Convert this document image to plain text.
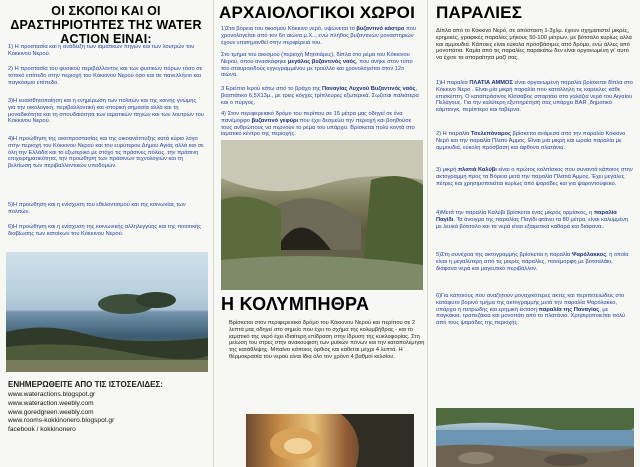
ΟΙ ΣΚΟΠΟΙ ΚΑΙ ΟΙ ΔΡΑΣΤΗΡΙΟΤΗΤΕΣ ΤΗΣ WATER ACTION ΕΙΝΑΙ:

1) Η προστασία και η ανάδειξη των ιαματικών πηγών και των λουτρών του Κόκκινου Νερού.

2) Η προστασία του φυσικού περιβάλλοντος και των φυσικών πόρων τόσο σε τοπικό επίπεδο στην περιοχή του Κόκκινου Νερού όσο και σε πανελλήνιο και παγκόσμιο επίπεδο.

3)Η ευαισθητοποίηση και η ενημέρωση των πολιτών και της κοινής γνώμης για την οικολογική, περιβαλλοντική και ιστορική σημασία αλλά και τη μοναδικότητα και τη σπουδαιότητα των ιαματικών πηγών και των λουτρών του Κόκκινου Νερού.

4)Η προώθηση της οικοπροστασίας και της οικοανάπτυξης κατά κύριο λόγο στην περιοχή του Κόκκινου Νερού και του ευρύτερου Δήμου Αγιάς αλλά και σε όλη την Ελλάδα και το εξωτερικό με στόχο τις πράσινες πόλεις, την πράσινη επιχειρηματικότητα, την προώθηση των πράσινων τεχνολογιών και τη βελτίωση των περιβαλλοντικών υποδομών.

5)Η προώθηση και η ενίσχυση του εθελοντισμού και της κοινωνίας των πολιτών.

6)Η προώθηση και η ενίσχυση της κοινωνικής αλληλεγγύης και της ποιοτικής διαβίωσης των κατοίκων του Κόκκινου Νερού.

ΕΝΗΜΕΡΩΘΕΙΤΕ ΑΠΟ ΤΙΣ ΙΣΤΟΣΕΛΙΔΕΣ:
www.wateractions.blogspot.gr
www.wateraction.weebly.com
www.goredgreen.weebly.com
www.rooms-kokkinonero.blogspot.gr
facebook / kokkinonero
ΑΡΧΑΙΟΛΟΓΙΚΟΙ ΧΩΡΟΙ

1)Στα βόρεια του οικισμού Κόκκινο νερό, υψώνεται το βυζαντινό κάστρο που χρονολογείται από τον 6ο αιώνα μ.Χ.., ενώ πλήθος βυζαντινών μοναστηριών έχουν επισημανθεί στην περιφέρειά του.

Στο τμήμα του οικισμού (περιοχή Μητσιάρες), δίπλα στο ρέμα του Κόκκινου Νερού, όπου ανασκάφηκε μεγάλος βυζαντινός ναός, που ανήκε στον τύπο του σταυροειδούς εγγεγραμμένου με τρούλλο και χρονολογείται στον 12ο αιώνα.

3 Ερείπια Ιερού κάτω από το βράχο της Παναγίας Λυχνού Βυζαντινός ναός, βιαστάτικο 6,5Χ13μ., με τρεις κόγχες τρίπλευρες εξωτερικά. Σωζεται παλιάτερα και ο πύργος.

4) Στον περιφερειακό δρόμο του περίπου σε 15 μέτρα μας οδηγεί σε ένα πανέμορφο βυζαντινό γεφύρι που έχει δεσμεύει την περιοχή και βοηθούσε τους ανθρώπους να περνούν το ρέμα του υπάρχει. Βρίσκεται πολύ κοντά στο ιαματικό κέντρο της περιοχής.

Η ΚΟΛΥΜΠΗΘΡΑ

Βρίσκεται στον περιφερειακό δρόμο του Κόκκινου Νερού και περίπου σε 2 λεπτά μας οδηγεί στο σημείο που έχει το σχήμα της κολυμβήθρας - και το ιαματικό της νερό έχει ιδιαίτερη επίδραση στην ίδρυση της κυκλοφορίας. Στη μείωση του στρες στην ανακούφιση των μυϊκών πόνων και την καταπολέμηση της κατάθλιψης. Μπαίνει κάποιος όρθιος και καθεται μέχρι 4 λεπτά. Η θερμοκρασία του νερού είναι ίδια όλο τον χρόνο 4 βαθμοί κελσίου.

ΠΑΡΑΛΙΕΣ

Δίπλα από το Κόκκινο Νερό, σε απόσταση 1-3χλμ. έχουν σχηματιστεί μικρές, ερημικές, γραφικές παραλίες μήκους 50-100 μέτρων, με βότσαλο κυρίως αλλά και αμμουδιά. Κάποιες είναι εύκολα προσβάσιμες από δρόμο, ενώ άλλες από μονοπάτια. Καμία από τις παραλίες παρακάτω δεν είναι οργανωμένη γι' αυτό να έχετε τα απαραίτητα μαζί σας.

1)Η παραλία ΠΛΑΤΙΑ ΑΜΜΟΣ είναι οργανωμένη παραλία βρίσκεται δίπλα στο Κόκκινο Νερό . Είναι μία μικρή παραλία που κατάλληλη τις καρέκλες κάθε επισκέπτη. Ο καταπράσινος Κίσσαβος σπαρτάει στα γαλάζια νερά του Αιγαίου Πελάγους. Για την καλύτερη εξυπηρέτησή σας υπάρχει BAR ,δημοτικό κάμπινγκ, περίπτερο και ταβέρνα.

2) Η παραλία Τσελεπόναρος βρίσκεται ανάμεσα από την παραλία Κόκκινο Νερό και την παραλία Πλατύ Άμμος. Είναι μια μικρή και ωραία παραλία με αμμουδιά, εύκολη πρόσβαση και άφθονα πλατάνια.

3) μικρή πλατιά Καλύβι είναι ο πρώτος κολπίσκος που συναντά κάποιος στην ακτογραμμή προς τα Βόρεια μετά την παραλία Πλατιά Άμμος. Έχει μεγάλες πέτρες και χρησιμοποιείται κυρίως από ψαράδες και για ψαροντούφεκο.

4)Μετά την παραλία Καλύβι βρίσκεται ένας μικρός ορμίσκος, η παραλία Παγίδι. Τα άνοιγμα της παραλίας Παγίδι φτάνει τα 80 μέτρα, είναι καλυμμένη με λευκά βότσαλο και τα νερά είναι εξαιρετικά καθαρά και διάφανα..

5)Στη συνέχεια της ακτογραμμής βρίσκεται η παραλία Ψαρόλακκος, η οποία είναι η μεγαλύτερη από τις μικρές παραλίες, πανέμορφη με βοτσαλάκι, διάφανα νερά και μαγευτικό περιβάλλον.

6)Για κάποιους που αναζητούν μοναχικότερες ακτές και περιπετειώδεις στο κατάφυτο βορινό τμήμα της ακτογραμμής μετά την παραλία Ψαρόλακκο, υπάρχει η πετρώδης και ερημική έκταση παραλία της Παναγίας, με παγκάκια, τραπεζάκια και μονοπάτι από το πλατάνια. Χρησιμοποιείται πολύ από τους ψαράδες της περιοχής.
